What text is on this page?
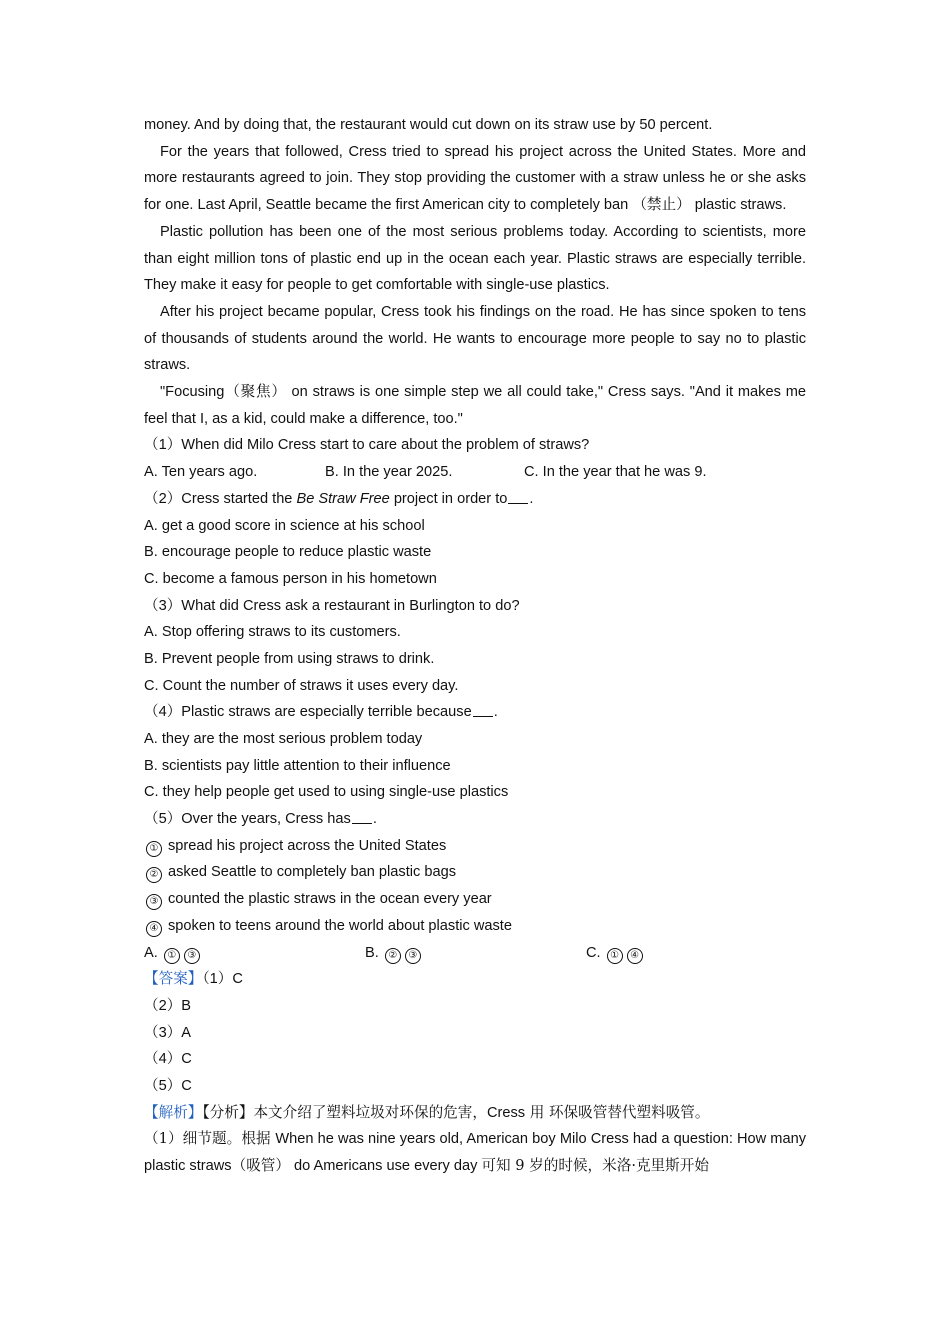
money. And by doing that, the restaurant would cut down on its straw use by 50 percent.

For the years that followed, Cress tried to spread his project across the United States. More and more restaurants agreed to join. They stop providing the customer with a straw unless he or she asks for one. Last April, Seattle became the first American city to completely ban （禁止） plastic straws.

Plastic pollution has been one of the most serious problems today. According to scientists, more than eight million tons of plastic end up in the ocean each year. Plastic straws are especially terrible. They make it easy for people to get comfortable with single-use plastics.

After his project became popular, Cress took his findings on the road. He has since spoken to tens of thousands of students around the world. He wants to encourage more people to say no to plastic straws.

"Focusing（聚焦） on straws is one simple step we all could take," Cress says. "And it makes me feel that I, as a kid, could make a difference, too."

（1）When did Milo Cress start to care about the problem of straws?

A. Ten years ago.	B. In the year 2025.	C. In the year that he was 9.

（2）Cress started the Be Straw Free project in order to .

A. get a good score in science at his school

B. encourage people to reduce plastic waste

C. become a famous person in his hometown

（3）What did Cress ask a restaurant in Burlington to do?

A. Stop offering straws to its customers.

B. Prevent people from using straws to drink.

C. Count the number of straws it uses every day.

（4）Plastic straws are especially terrible because .

A. they are the most serious problem today

B. scientists pay little attention to their influence

C. they help people get used to using single-use plastics

（5）Over the years, Cress has .

① spread his project across the United States

② asked Seattle to completely ban plastic bags

③ counted the plastic straws in the ocean every year

④ spoken to teens around the world about plastic waste

A. ① ③	B. ② ③	C. ① ④

【答案】（1）C

（2）B

（3）A

（4）C

（5）C

【解析】【分析】本文介绍了塑料垃圾对环保的危害，Cress 用 环保吸管替代塑料吸管。

（1）细节题。根据 When he was nine years old, American boy Milo Cress had a question: How many plastic straws（吸管） do Americans use every day 可知 9 岁的时候，米洛·克里斯开始
